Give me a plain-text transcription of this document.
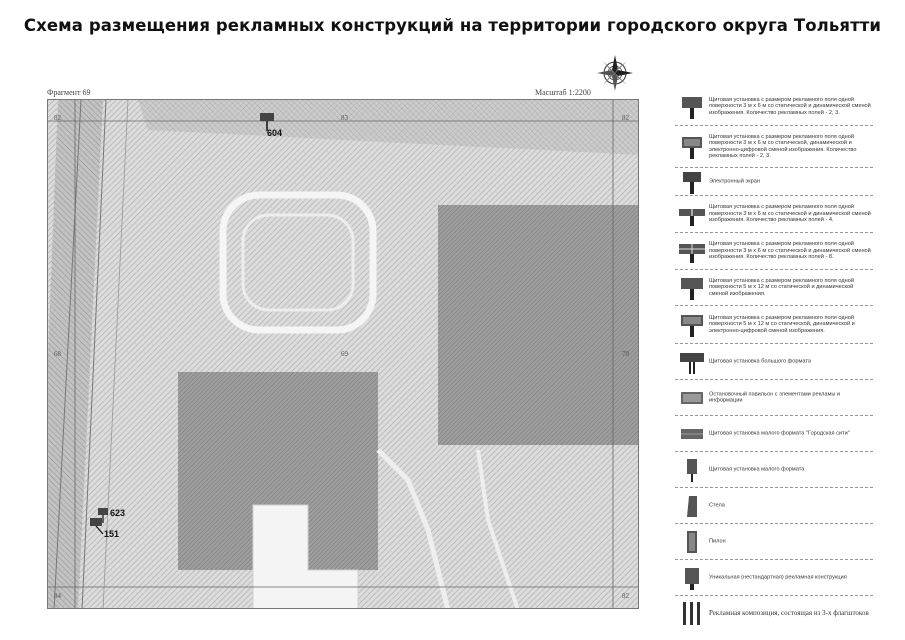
Схема размещения рекламных конструкций на территории городского округа Тольятти
Фрагмент 69	Масштаб 1:2200
82	83	82
68	69	70
84	82
604
623
151
Щитовая установка с размером рекламного поля одной поверхности 3 м х 6 м со статической и динамической сменой изображения. Количество рекламных полей - 2, 3.
Щитовая установка с размером рекламного поля одной поверхности 3 м х 6 м со статической, динамической и электронно-цифровой сменой изображения. Количество рекламных полей - 2, 3.
Электронный экран
Щитовая установка с размером рекламного поля одной поверхности 3 м х 6 м со статической и динамической сменой изображения. Количество рекламных полей - 4.
Щитовая установка с размером рекламного поля одной поверхности 3 м х 6 м со статической и динамической сменой изображения. Количество рекламных полей - 8.
Щитовая установка с размером рекламного поля одной поверхности 5 м х 12 м со статической и динамической сменой изображения.
Щитовая установка с размером рекламного поля одной поверхности 5 м х 12 м со статической, динамической и электронно-цифровой сменой изображения.
Щитовая установка большого формата
Остановочный павильон с элементами рекламы и информации
Щитовая установка малого формата "Городская сити"
Щитовая установка малого формата
Стела
Пилон
Уникальная (нестандартная) рекламная конструкция
Рекламная композиция, состоящая из 3-х флагштоков
